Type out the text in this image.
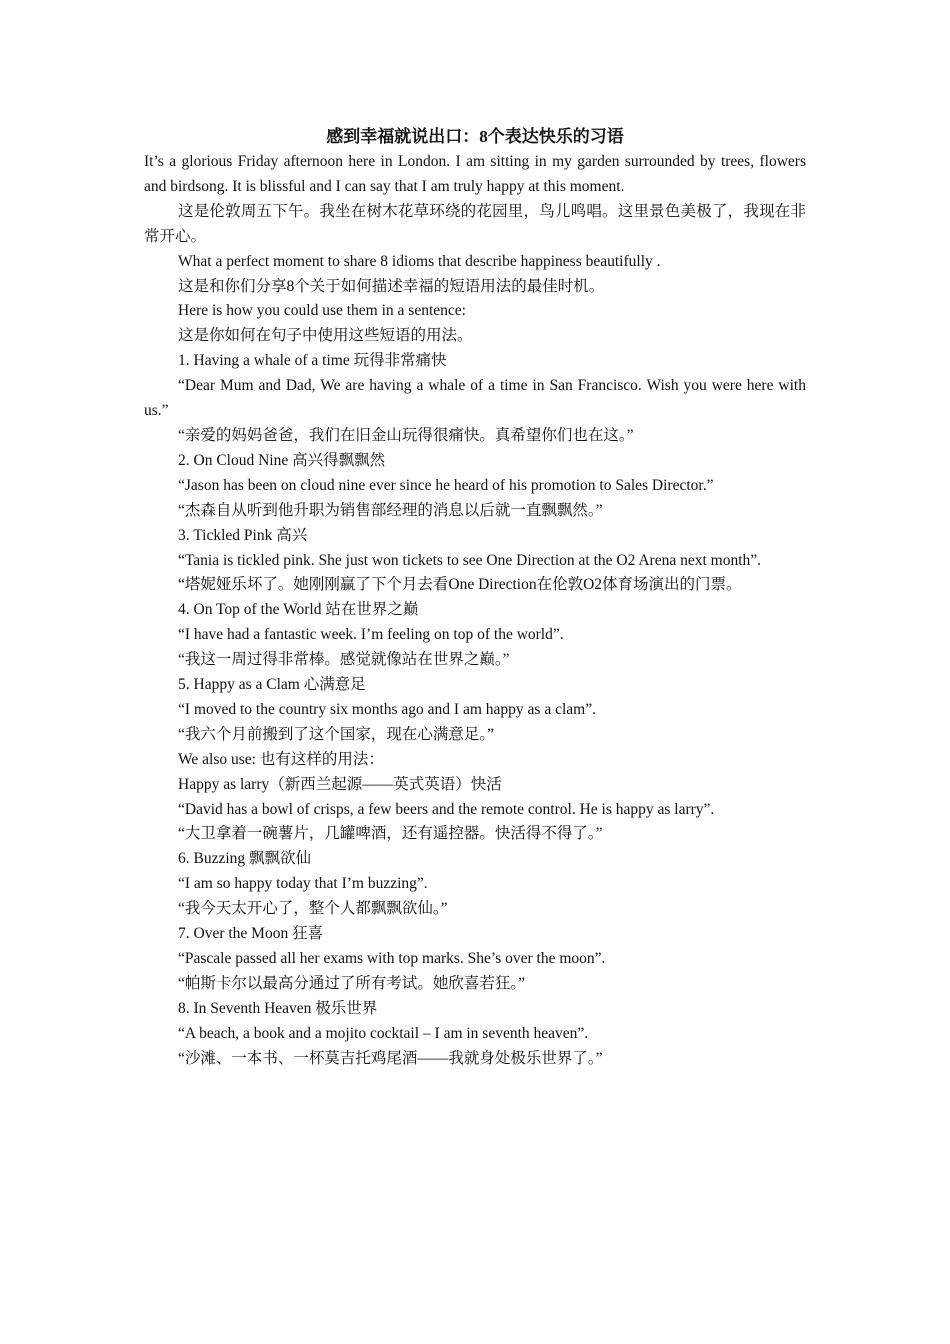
感到幸福就说出口：8个表达快乐的习语

It’s a glorious Friday afternoon here in London. I am sitting in my garden surrounded by trees, flowers and birdsong. It is blissful and I can say that I am truly happy at this moment.

这是伦敦周五下午。我坐在树木花草环绕的花园里，鸟儿鸣唱。这里景色美极了，我现在非常开心。

What a perfect moment to share 8 idioms that describe happiness beautifully .

这是和你们分享8个关于如何描述幸福的短语用法的最佳时机。

Here is how you could use them in a sentence:

这是你如何在句子中使用这些短语的用法。

1. Having a whale of a time 玩得非常痛快

“Dear Mum and Dad, We are having a whale of a time in San Francisco. Wish you were here with us.”

“亲爱的妈妈爸爸，我们在旧金山玩得很痛快。真希望你们也在这。”

2. On Cloud Nine 高兴得飘飘然

“Jason has been on cloud nine ever since he heard of his promotion to Sales Director.”

“杰森自从听到他升职为销售部经理的消息以后就一直飘飘然。”

3. Tickled Pink 高兴

“Tania is tickled pink. She just won tickets to see One Direction at the O2 Arena next month”.

“塔妮娅乐坏了。她刚刚赢了下个月去看One Direction在伦敦O2体育场演出的门票。

4. On Top of the World 站在世界之巅

“I have had a fantastic week. I’m feeling on top of the world”.

“我这一周过得非常棒。感觉就像站在世界之巅。”

5. Happy as a Clam 心满意足

“I moved to the country six months ago and I am happy as a clam”.

“我六个月前搬到了这个国家，现在心满意足。”

We also use: 也有这样的用法：

Happy as larry（新西兰起源——英式英语）快活

“David has a bowl of crisps, a few beers and the remote control. He is happy as larry”.

“大卫拿着一碗薯片，几罐啤酒，还有遥控器。快活得不得了。”

6. Buzzing 飘飘欲仙

“I am so happy today that I’m buzzing”.

“我今天太开心了，整个人都飘飘欲仙。”

7. Over the Moon 狂喜

“Pascale passed all her exams with top marks. She’s over the moon”.

“帕斯卡尔以最高分通过了所有考试。她欣喜若狂。”

8. In Seventh Heaven 极乐世界

“A beach, a book and a mojito cocktail – I am in seventh heaven”.

“沙滩、一本书、一杯莫吉托鸡尾酒——我就身处极乐世界了。”
